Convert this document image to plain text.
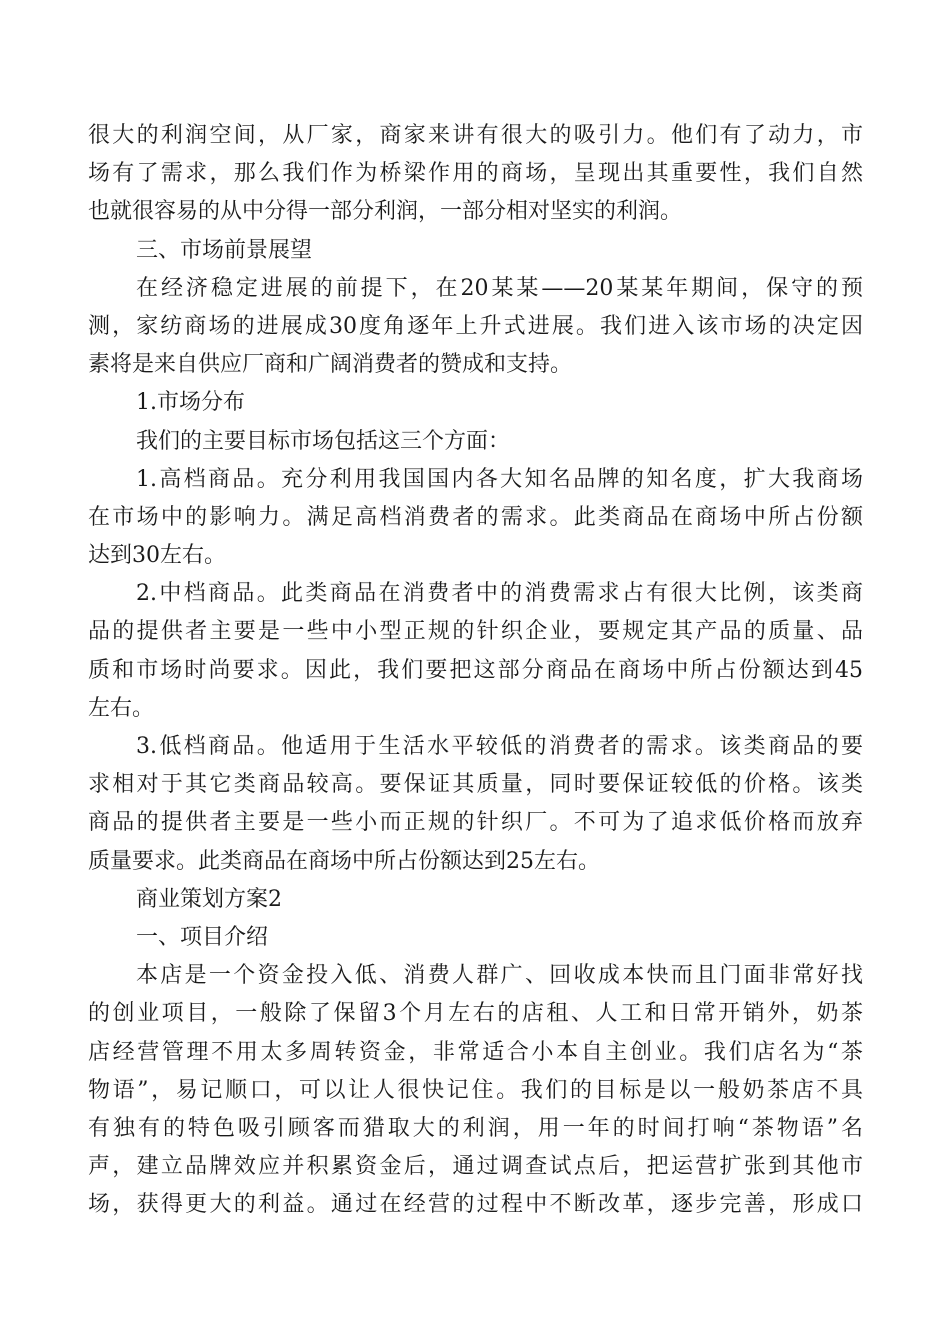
很大的利润空间，从厂家，商家来讲有很大的吸引力。他们有了动力，市
场有了需求，那么我们作为桥梁作用的商场，呈现出其重要性，我们自然
也就很容易的从中分得一部分利润，一部分相对坚实的利润。
三、市场前景展望
在经济稳定进展的前提下，在20某某——20某某年期间，保守的预
测，家纺商场的进展成30度角逐年上升式进展。我们进入该市场的决定因
素将是来自供应厂商和广阔消费者的赞成和支持。
1.市场分布
我们的主要目标市场包括这三个方面：
1.高档商品。充分利用我国国内各大知名品牌的知名度，扩大我商场
在市场中的影响力。满足高档消费者的需求。此类商品在商场中所占份额
达到30左右。
2.中档商品。此类商品在消费者中的消费需求占有很大比例，该类商
品的提供者主要是一些中小型正规的针织企业，要规定其产品的质量、品
质和市场时尚要求。因此，我们要把这部分商品在商场中所占份额达到45
左右。
3.低档商品。他适用于生活水平较低的消费者的需求。该类商品的要
求相对于其它类商品较高。要保证其质量，同时要保证较低的价格。该类
商品的提供者主要是一些小而正规的针织厂。不可为了追求低价格而放弃
质量要求。此类商品在商场中所占份额达到25左右。
商业策划方案2
一、项目介绍
本店是一个资金投入低、消费人群广、回收成本快而且门面非常好找
的创业项目，一般除了保留3个月左右的店租、人工和日常开销外，奶茶
店经营管理不用太多周转资金，非常适合小本自主创业。我们店名为“茶
物语”，易记顺口，可以让人很快记住。我们的目标是以一般奶茶店不具
有独有的特色吸引顾客而猎取大的利润，用一年的时间打响“茶物语”名
声，建立品牌效应并积累资金后，通过调查试点后，把运营扩张到其他市
场，获得更大的利益。通过在经营的过程中不断改革，逐步完善，形成口
